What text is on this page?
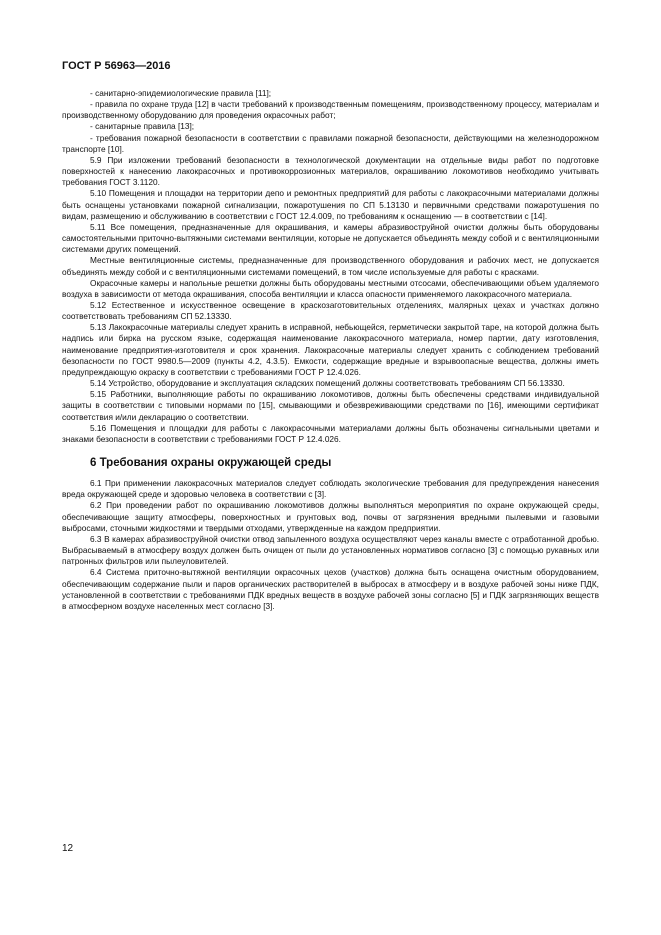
ГОСТ Р 56963—2016

- санитарно-эпидемиологические правила [11];

- правила по охране труда [12] в части требований к производственным помещениям, производственному процессу, материалам и производственному оборудованию для проведения окрасочных работ;

- санитарные правила [13];

- требования пожарной безопасности в соответствии с правилами пожарной безопасности, действующими на железнодорожном транспорте [10].

5.9 При изложении требований безопасности в технологической документации на отдельные виды работ по подготовке поверхностей к нанесению лакокрасочных и противокоррозионных материалов, окрашиванию локомотивов необходимо учитывать требования ГОСТ 3.1120.

5.10 Помещения и площадки на территории депо и ремонтных предприятий для работы с лакокрасочными материалами должны быть оснащены установками пожарной сигнализации, пожаротушения по СП 5.13130 и первичными средствами пожаротушения по видам, размещению и обслуживанию в соответствии с ГОСТ 12.4.009, по требованиям к оснащению — в соответствии с [14].

5.11 Все помещения, предназначенные для окрашивания, и камеры абразивоструйной очистки должны быть оборудованы самостоятельными приточно-вытяжными системами вентиляции, которые не допускается объединять между собой и с вентиляционными системами других помещений.

Местные вентиляционные системы, предназначенные для производственного оборудования и рабочих мест, не допускается объединять между собой и с вентиляционными системами помещений, в том числе используемые для работы с красками.

Окрасочные камеры и напольные решетки должны быть оборудованы местными отсосами, обеспечивающими объем удаляемого воздуха в зависимости от метода окрашивания, способа вентиляции и класса опасности применяемого лакокрасочного материала.

5.12 Естественное и искусственное освещение в краскозаготовительных отделениях, малярных цехах и участках должно соответствовать требованиям СП 52.13330.

5.13 Лакокрасочные материалы следует хранить в исправной, небьющейся, герметически закрытой таре, на которой должна быть надпись или бирка на русском языке, содержащая наименование лакокрасочного материала, номер партии, дату изготовления, наименование предприятия-изготовителя и срок хранения. Лакокрасочные материалы следует хранить с соблюдением требований безопасности по ГОСТ 9980.5—2009 (пункты 4.2, 4.3.5). Емкости, содержащие вредные и взрывоопасные вещества, должны иметь предупреждающую окраску в соответствии с требованиями ГОСТ Р 12.4.026.

5.14 Устройство, оборудование и эксплуатация складских помещений должны соответствовать требованиям СП 56.13330.

5.15 Работники, выполняющие работы по окрашиванию локомотивов, должны быть обеспечены средствами индивидуальной защиты в соответствии с типовыми нормами по [15], смывающими и обезвреживающими средствами по [16], имеющими сертификат соответствия и/или декларацию о соответствии.

5.16 Помещения и площадки для работы с лакокрасочными материалами должны быть обозначены сигнальными цветами и знаками безопасности в соответствии с требованиями ГОСТ Р 12.4.026.

6 Требования охраны окружающей среды

6.1 При применении лакокрасочных материалов следует соблюдать экологические требования для предупреждения нанесения вреда окружающей среде и здоровью человека в соответствии с [3].

6.2 При проведении работ по окрашиванию локомотивов должны выполняться мероприятия по охране окружающей среды, обеспечивающие защиту атмосферы, поверхностных и грунтовых вод, почвы от загрязнения вредными пылевыми и газовыми выбросами, сточными жидкостями и твердыми отходами, утвержденные на каждом предприятии.

6.3 В камерах абразивоструйной очистки отвод запыленного воздуха осуществляют через каналы вместе с отработанной дробью. Выбрасываемый в атмосферу воздух должен быть очищен от пыли до установленных нормативов согласно [3] с помощью рукавных или патронных фильтров или пылеуловителей.

6.4 Система приточно-вытяжной вентиляции окрасочных цехов (участков) должна быть оснащена очистным оборудованием, обеспечивающим содержание пыли и паров органических растворителей в выбросах в атмосферу и в воздухе рабочей зоны ниже ПДК, установленной в соответствии с требованиями ПДК вредных веществ в воздухе рабочей зоны согласно [5] и ПДК загрязняющих веществ в атмосферном воздухе населенных мест согласно [3].

12
